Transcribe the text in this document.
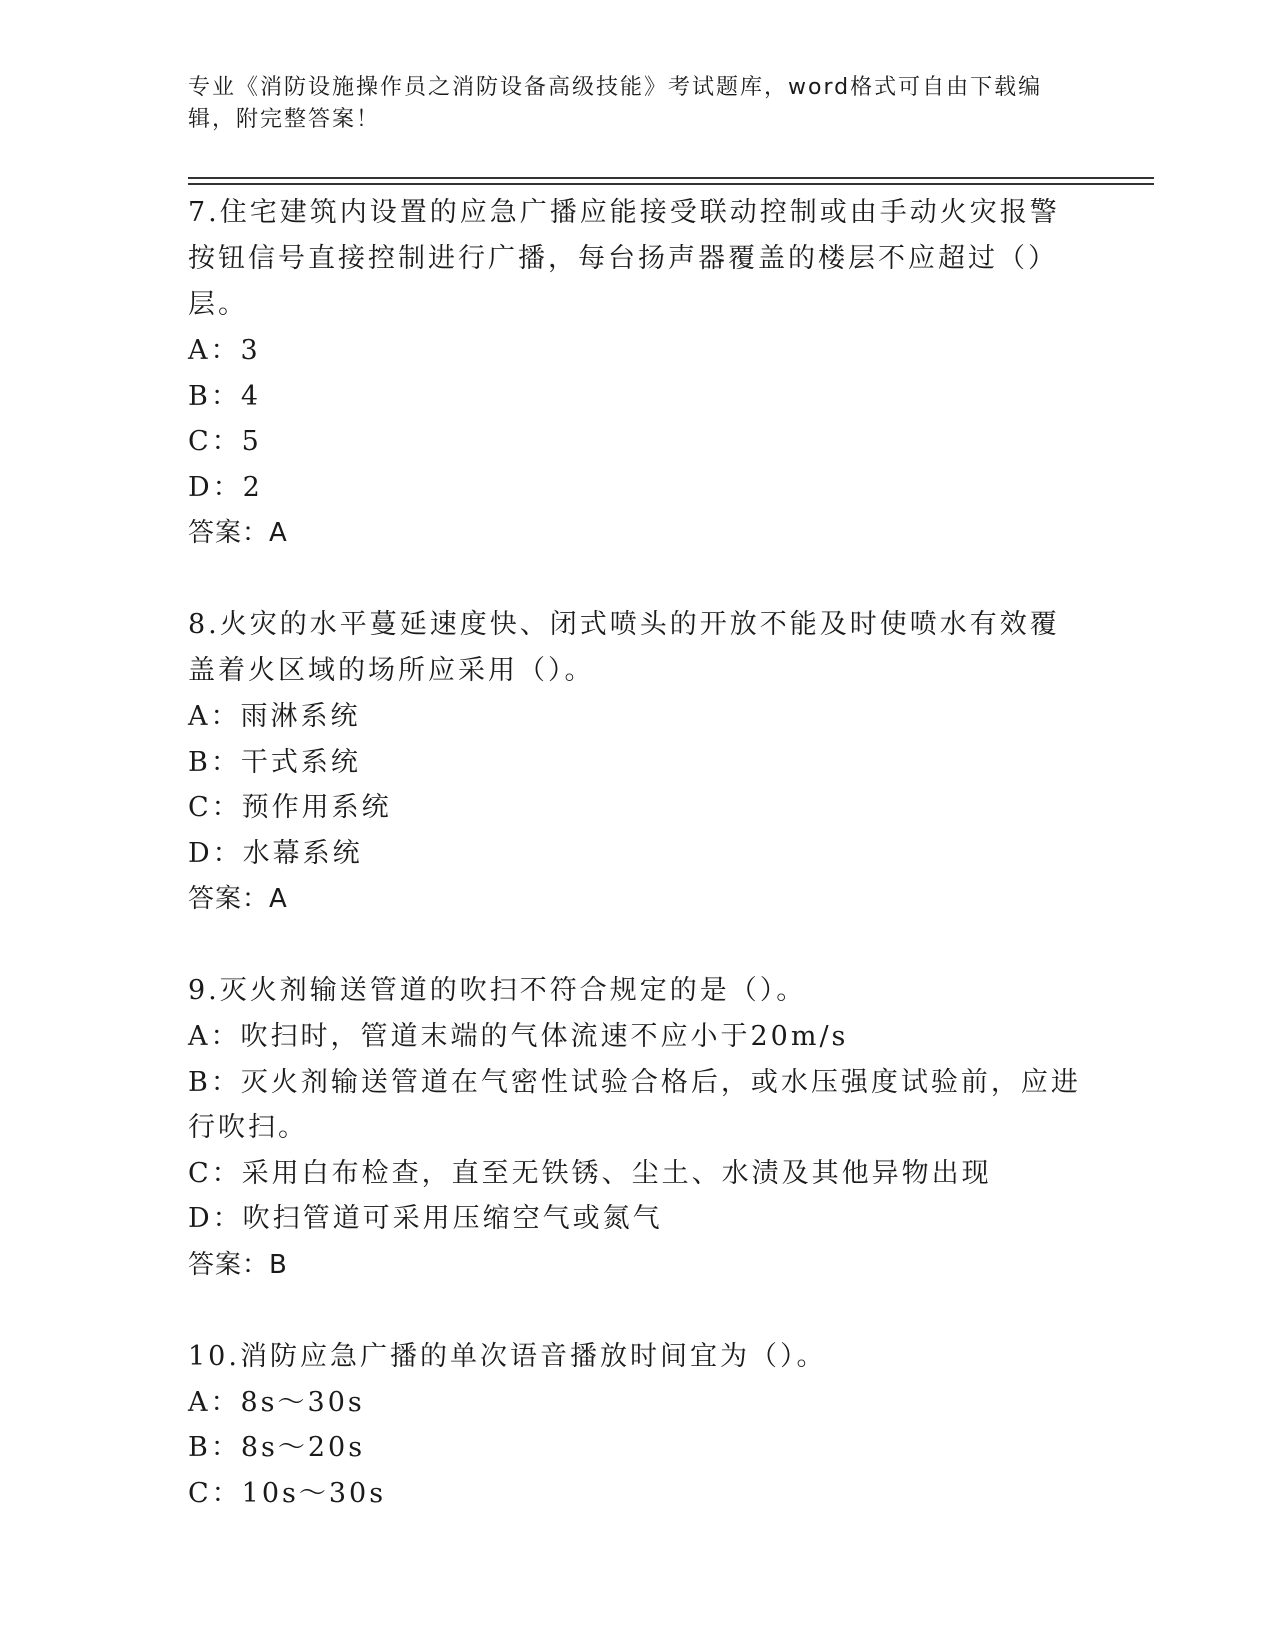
专业《消防设施操作员之消防设备高级技能》考试题库，word格式可自由下载编辑，附完整答案！

7.住宅建筑内设置的应急广播应能接受联动控制或由手动火灾报警按钮信号直接控制进行广播，每台扬声器覆盖的楼层不应超过（）层。

A：3

B：4

C：5

D：2

答案：A

8.火灾的水平蔓延速度快、闭式喷头的开放不能及时使喷水有效覆盖着火区域的场所应采用（）。

A：雨淋系统

B：干式系统

C：预作用系统

D：水幕系统

答案：A

9.灭火剂输送管道的吹扫不符合规定的是（）。

A：吹扫时，管道末端的气体流速不应小于20m/s

B：灭火剂输送管道在气密性试验合格后，或水压强度试验前，应进行吹扫。

C：采用白布检查，直至无铁锈、尘土、水渍及其他异物出现

D：吹扫管道可采用压缩空气或氮气

答案：B

10.消防应急广播的单次语音播放时间宜为（）。

A：8s～30s

B：8s～20s

C：10s～30s
